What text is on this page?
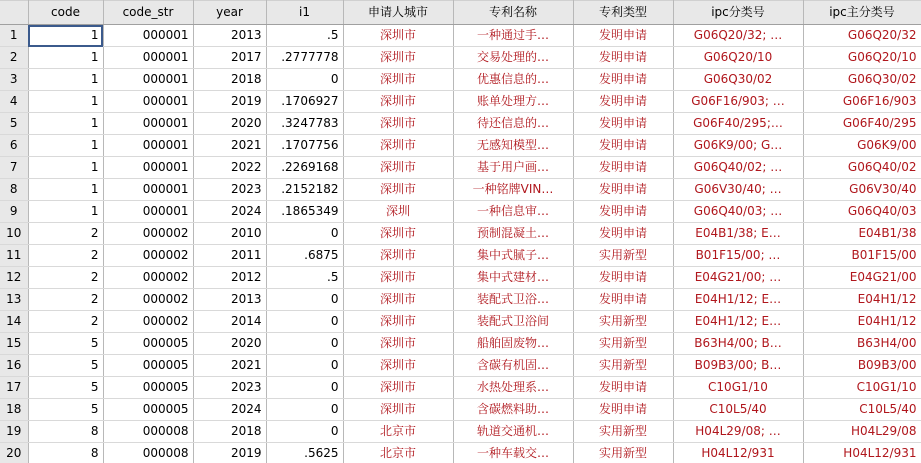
	code	code_str	year	i1	申请人城市	专利名称	专利类型	ipc分类号	ipc主分类号
1	1	000001	2013	.5	深圳市	一种通过手…	发明申请	G06Q20/32; …	G06Q20/32
2	1	000001	2017	.2777778	深圳市	交易处理的…	发明申请	G06Q20/10	G06Q20/10
3	1	000001	2018	0	深圳市	优惠信息的…	发明申请	G06Q30/02	G06Q30/02
4	1	000001	2019	.1706927	深圳市	账单处理方…	发明申请	G06F16/903; …	G06F16/903
5	1	000001	2020	.3247783	深圳市	待还信息的…	发明申请	G06F40/295;…	G06F40/295
6	1	000001	2021	.1707756	深圳市	无感知模型…	发明申请	G06K9/00; G…	G06K9/00
7	1	000001	2022	.2269168	深圳市	基于用户画…	发明申请	G06Q40/02; …	G06Q40/02
8	1	000001	2023	.2152182	深圳市	一种铭牌VIN…	发明申请	G06V30/40; …	G06V30/40
9	1	000001	2024	.1865349	深圳	一种信息审…	发明申请	G06Q40/03; …	G06Q40/03
10	2	000002	2010	0	深圳市	预制混凝土…	发明申请	E04B1/38; E…	E04B1/38
11	2	000002	2011	.6875	深圳市	集中式腻子…	实用新型	B01F15/00; …	B01F15/00
12	2	000002	2012	.5	深圳市	集中式建材…	发明申请	E04G21/00; …	E04G21/00
13	2	000002	2013	0	深圳市	装配式卫浴…	发明申请	E04H1/12; E…	E04H1/12
14	2	000002	2014	0	深圳市	装配式卫浴间	实用新型	E04H1/12; E…	E04H1/12
15	5	000005	2020	0	深圳市	船舶固废物…	实用新型	B63H4/00; B…	B63H4/00
16	5	000005	2021	0	深圳市	含碳有机固…	实用新型	B09B3/00; B…	B09B3/00
17	5	000005	2023	0	深圳市	水热处理系…	发明申请	C10G1/10	C10G1/10
18	5	000005	2024	0	深圳市	含碳燃料助…	发明申请	C10L5/40	C10L5/40
19	8	000008	2018	0	北京市	轨道交通机…	实用新型	H04L29/08; …	H04L29/08
20	8	000008	2019	.5625	北京市	一种车载交…	实用新型	H04L12/931	H04L12/931
